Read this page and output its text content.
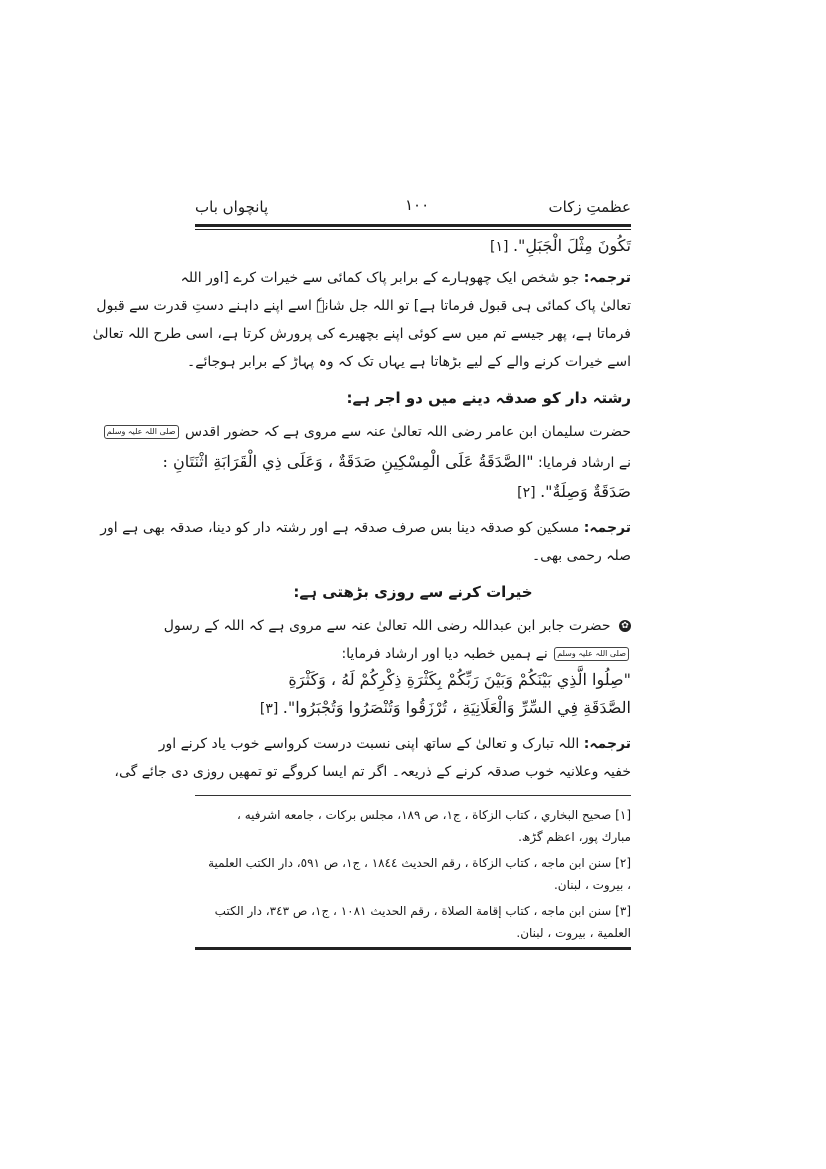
عظمتِ زکات
۱۰۰
پانچواں باب
تَكُونَ مِثْلَ الْجَبَلِ". [١]
ترجمہ: جو شخص ایک چھوہارے کے برابر پاک کمائی سے خیرات کرے [اور اللہ
تعالیٰ پاک کمائی ہی قبول فرماتا ہے] تو اللہ جل شانہٗ اسے اپنے داہنے دستِ قدرت سے قبول
فرماتا ہے، پھر جیسے تم میں سے کوئی اپنے بچھیرے کی پرورش کرتا ہے، اسی طرح اللہ تعالیٰ
اسے خیرات کرنے والے کے لیے بڑھاتا ہے یہاں تک کہ وہ پہاڑ کے برابر ہوجائے۔
رشتہ دار کو صدقہ دینے میں دو اجر ہے:
حضرت سلیمان ابن عامر رضی اللہ تعالیٰ عنہ سے مروی ہے کہ حضور اقدس صلی اللہ علیہ وسلم
نے ارشاد فرمایا: "الصَّدَقَةُ عَلَى الْمِسْكِينِ صَدَقَةٌ ، وَعَلَى ذِي الْقَرَابَةِ اثْنَتَانِ :
صَدَقَةٌ وَصِلَةٌ". [٢]
ترجمہ: مسکین کو صدقہ دینا بس صرف صدقہ ہے اور رشتہ دار کو دینا، صدقہ بھی ہے اور
صلہ رحمی بھی۔
خیرات کرنے سے روزی بڑھتی ہے:
✿ حضرت جابر ابن عبداللہ رضی اللہ تعالیٰ عنہ سے مروی ہے کہ اللہ کے رسول
صلی اللہ علیہ وسلم نے ہمیں خطبہ دیا اور ارشاد فرمایا:
"صِلُوا الَّذِي بَيْنَكُمْ وَبَيْنَ رَبِّكُمْ بِكَثْرَةِ ذِكْرِكُمْ لَهُ ، وَكَثْرَةِ
الصَّدَقَةِ فِي السِّرِّ وَالْعَلَانِيَةِ ، تُرْزَقُوا وَتُنْصَرُوا وَتُجْبَرُوا". [٣]
ترجمہ: اللہ تبارک و تعالیٰ کے ساتھ اپنی نسبت درست کرواسے خوب یاد کرنے اور
خفیہ وعلانیہ خوب صدقہ کرنے کے ذریعہ۔ اگر تم ایسا کروگے تو تمھیں روزی دی جائے گی،
[١] صحيح البخاري ، كتاب الزكاة ، ج١، ص ١٨٩، مجلس بركات ، جامعه اشرفيه ،
مبارك پور، اعظم گڑھ.
[٢] سنن ابن ماجه ، كتاب الزكاة ، رقم الحديث ١٨٤٤ ، ج١، ص ٥٩١، دار الكتب العلمية
، بيروت ، لبنان.
[٣] سنن ابن ماجه ، كتاب إقامة الصلاة ، رقم الحديث ١٠٨١ ، ج١، ص ٣٤٣، دار الكتب
العلمية ، بيروت ، لبنان.
